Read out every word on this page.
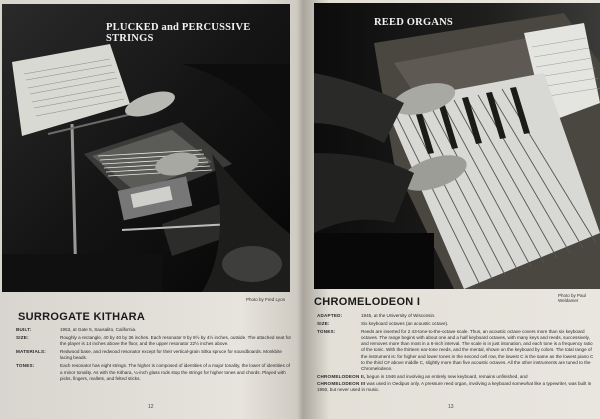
PLUCKED and PERCUSSIVE STRINGS
Photo by Fred Lyon
SURROGATE KITHARA
BUILT:	1953, at Gate 5, Sausalito, California.
SIZE:	Roughly a rectangle, 40 by 40 by 36 inches. Each resonator 9 by 9½ by 4½ inches, outside. The attached seat for the player is 14 inches above the floor, and the upper resonator 22½ inches above.
MATERIALS:	Redwood base, and redwood resonator except for their vertical-grain Sitka spruce for soundboards. Monkbite lacing beads.
TONES:	Each resonator has eight strings. The higher is composed of identities of a major tonality, the lower of identities of a minor tonality. As with the Kithara, ¼-inch glass rods stop the strings for higher tones and chords. Played with picks, fingers, mallets, and felted sticks.
12
REED ORGANS
Photo by Paul Weldamer
CHROMELODEON I
ADAPTED:	1945, at the University of Wisconsin.
SIZE:	Six keyboard octaves (an acoustic octave).
TONES:	Reeds are inserted for 2 43-tone-to-the-octave scale. Thus, an acoustic octave covers more than six keyboard octaves. The range begins with about one and a half keyboard octaves, with many keys and reeds, successively, and removes more than most in a 6-inch interval. The scale is in just intonation, and each tone is a frequency ratio of the tonic. With the thirteen ear-tone reeds, and the mental, shown on the keyboard by colors. The total range of the instrument is: for higher and lower tones in the second cell row, the lowest C is the same as the lowest piano C to the third C# above middle C, slightly more than five acoustic octaves. All the other instruments are tuned to the Chromelodeon.
CHROMELODEON II, begun in 1946 and involving an entirely new keyboard, remains unfinished, and
CHROMELODEON III was used in Oedipus only. A pressure reed organ, involving a keyboard somewhat like a typewriter, was built in 1950, but never used in music.
13
